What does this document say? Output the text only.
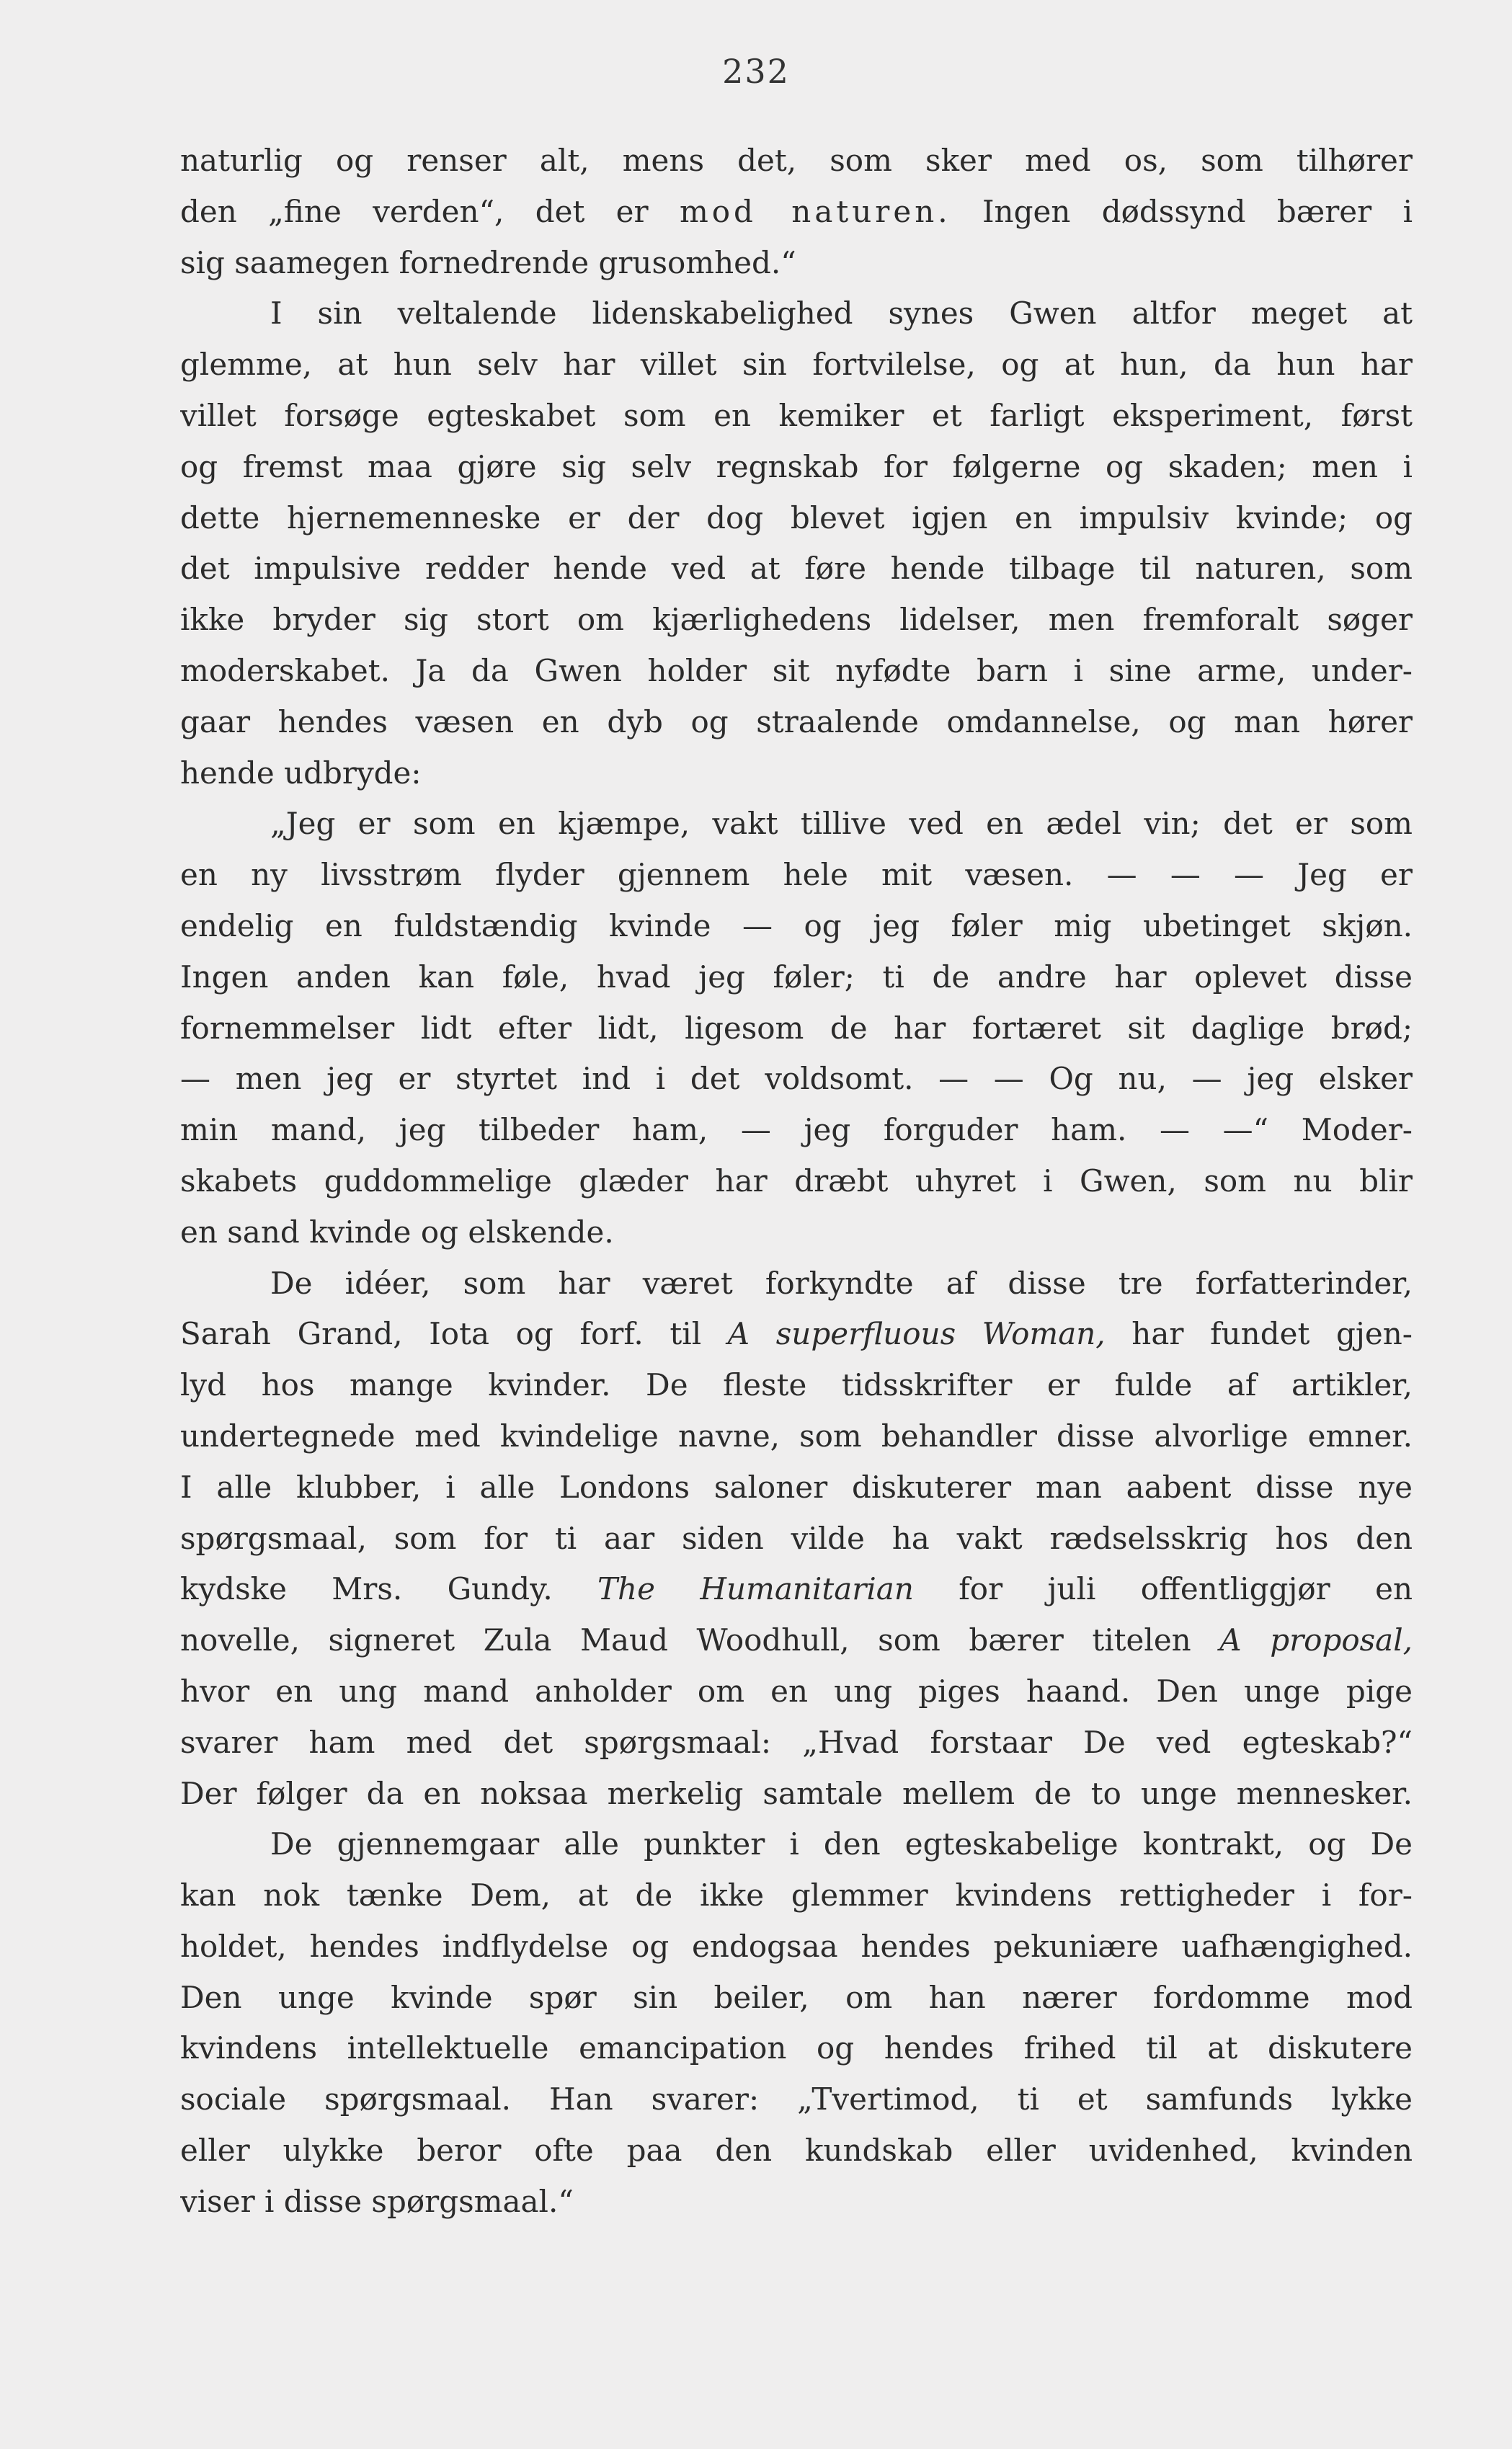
232
naturlig og renser alt, mens det, som sker med os, som tilhører
den „fine verden“, det er mod naturen. Ingen dødssynd bærer i
sig saamegen fornedrende grusomhed.“
I sin veltalende lidenskabelighed synes Gwen altfor meget at
glemme, at hun selv har villet sin fortvilelse, og at hun, da hun har
villet forsøge egteskabet som en kemiker et farligt eksperiment, først
og fremst maa gjøre sig selv regnskab for følgerne og skaden; men i
dette hjernemenneske er der dog blevet igjen en impulsiv kvinde; og
det impulsive redder hende ved at føre hende tilbage til naturen, som
ikke bryder sig stort om kjærlighedens lidelser, men fremforalt søger
moderskabet. Ja da Gwen holder sit nyfødte barn i sine arme, under-
gaar hendes væsen en dyb og straalende omdannelse, og man hører
hende udbryde:
„Jeg er som en kjæmpe, vakt tillive ved en ædel vin; det er som
en ny livsstrøm flyder gjennem hele mit væsen. — — — Jeg er
endelig en fuldstændig kvinde — og jeg føler mig ubetinget skjøn.
Ingen anden kan føle, hvad jeg føler; ti de andre har oplevet disse
fornemmelser lidt efter lidt, ligesom de har fortæret sit daglige brød;
— men jeg er styrtet ind i det voldsomt. — — Og nu, — jeg elsker
min mand, jeg tilbeder ham, — jeg forguder ham. — —“ Moder-
skabets guddommelige glæder har dræbt uhyret i Gwen, som nu blir
en sand kvinde og elskende.
De idéer, som har været forkyndte af disse tre forfatterinder,
Sarah Grand, Iota og forf. til A superfluous Woman, har fundet gjen-
lyd hos mange kvinder. De fleste tidsskrifter er fulde af artikler,
undertegnede med kvindelige navne, som behandler disse alvorlige emner.
I alle klubber, i alle Londons saloner diskuterer man aabent disse nye
spørgsmaal, som for ti aar siden vilde ha vakt rædselsskrig hos den
kydske Mrs. Gundy. The Humanitarian for juli offentliggjør en
novelle, signeret Zula Maud Woodhull, som bærer titelen A proposal,
hvor en ung mand anholder om en ung piges haand. Den unge pige
svarer ham med det spørgsmaal: „Hvad forstaar De ved egteskab?“
Der følger da en noksaa merkelig samtale mellem de to unge mennesker.
De gjennemgaar alle punkter i den egteskabelige kontrakt, og De
kan nok tænke Dem, at de ikke glemmer kvindens rettigheder i for-
holdet, hendes indflydelse og endogsaa hendes pekuniære uafhængighed.
Den unge kvinde spør sin beiler, om han nærer fordomme mod
kvindens intellektuelle emancipation og hendes frihed til at diskutere
sociale spørgsmaal. Han svarer: „Tvertimod, ti et samfunds lykke
eller ulykke beror ofte paa den kundskab eller uvidenhed, kvinden
viser i disse spørgsmaal.“
